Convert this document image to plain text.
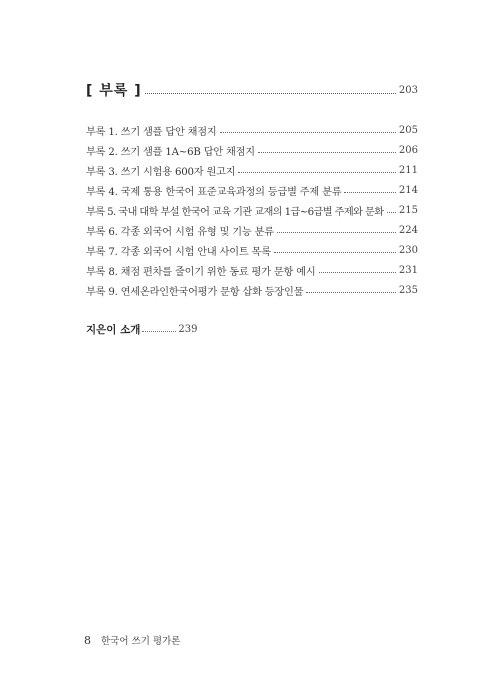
[ 부록 ]	203
부록 1. 쓰기 샘플 답안 채점지	205
부록 2. 쓰기 샘플 1A~6B 답안 채점지	206
부록 3. 쓰기 시험용 600자 원고지	211
부록 4. 국제 통용 한국어 표준교육과정의 등급별 주제 분류	214
부록 5. 국내 대학 부설 한국어 교육 기관 교재의 1급~6급별 주제와 문화 215
부록 6. 각종 외국어 시험 유형 및 기능 분류	224
부록 7. 각종 외국어 시험 안내 사이트 목록	230
부록 8. 채점 편차를 줄이기 위한 동료 평가 문항 예시	231
부록 9. 연세온라인한국어평가 문항 삽화 등장인물	235
지은이 소개	239
8 한국어 쓰기 평가론
